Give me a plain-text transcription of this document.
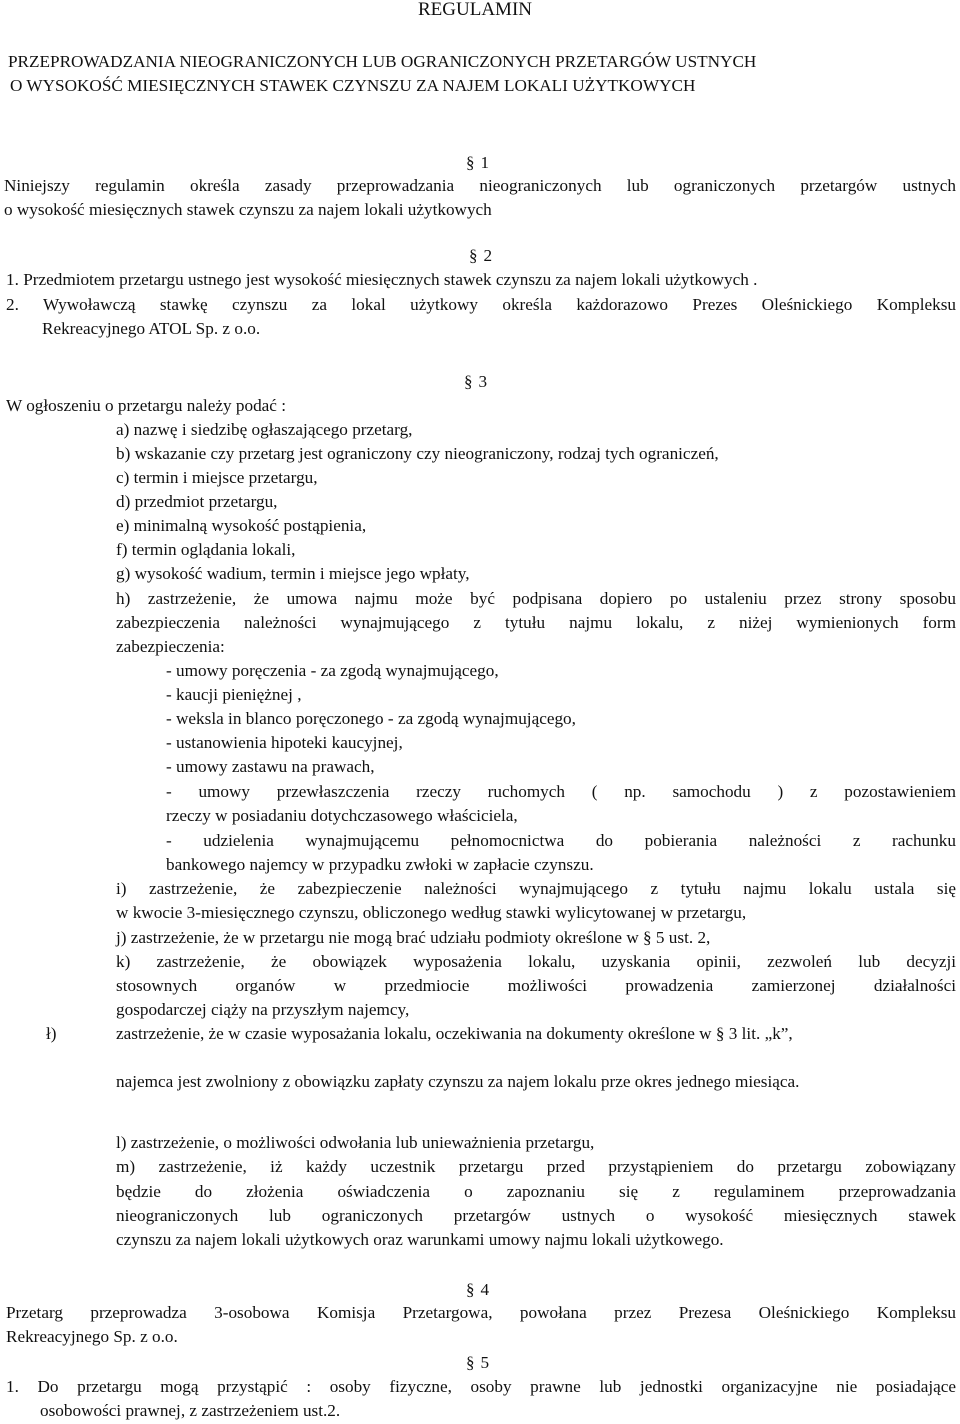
REGULAMIN
PRZEPROWADZANIA NIEOGRANICZONYCH LUB OGRANICZONYCH PRZETARGÓW USTNYCH
O WYSOKOŚĆ MIESIĘCZNYCH STAWEK CZYNSZU ZA NAJEM LOKALI UŻYTKOWYCH
§ 1
Niniejszy regulamin określa zasady przeprowadzania nieograniczonych lub ograniczonych przetargów ustnych
o wysokość miesięcznych stawek czynszu za najem lokali użytkowych
§ 2
1. Przedmiotem przetargu ustnego jest wysokość miesięcznych stawek czynszu za najem lokali użytkowych .
2. Wywoławczą stawkę czynszu za lokal użytkowy określa każdorazowo Prezes Oleśnickiego Kompleksu
Rekreacyjnego ATOL Sp. z o.o.
§ 3
W ogłoszeniu o przetargu należy podać :
a) nazwę i siedzibę ogłaszającego przetarg,
b) wskazanie czy przetarg jest ograniczony czy nieograniczony, rodzaj tych ograniczeń,
c) termin i miejsce przetargu,
d) przedmiot przetargu,
e) minimalną wysokość postąpienia,
f) termin oglądania lokali,
g) wysokość wadium, termin i miejsce jego wpłaty,
h) zastrzeżenie, że umowa najmu może być podpisana dopiero po ustaleniu przez strony sposobu
zabezpieczenia należności wynajmującego z tytułu najmu lokalu, z niżej wymienionych form
zabezpieczenia:
- umowy poręczenia - za zgodą wynajmującego,
- kaucji pieniężnej ,
- weksla in blanco poręczonego - za zgodą wynajmującego,
- ustanowienia hipoteki kaucyjnej,
- umowy zastawu na prawach,
- umowy przewłaszczenia rzeczy ruchomych ( np. samochodu ) z pozostawieniem
rzeczy w posiadaniu dotychczasowego właściciela,
- udzielenia wynajmującemu pełnomocnictwa do pobierania należności z rachunku
bankowego najemcy w przypadku zwłoki w zapłacie czynszu.
i) zastrzeżenie, że zabezpieczenie należności wynajmującego z tytułu najmu lokalu ustala się
w kwocie 3-miesięcznego czynszu, obliczonego według stawki wylicytowanej w przetargu,
j) zastrzeżenie, że w przetargu nie mogą brać udziału podmioty określone w § 5 ust. 2,
k) zastrzeżenie, że obowiązek wyposażenia lokalu, uzyskania opinii, zezwoleń lub decyzji
stosownych organów w przedmiocie możliwości prowadzenia zamierzonej działalności
gospodarczej ciąży na przyszłym najemcy,
ł)	zastrzeżenie, że w czasie wyposażania lokalu, oczekiwania na dokumenty określone w § 3 lit. „k”,
najemca jest zwolniony z obowiązku zapłaty czynszu za najem lokalu prze okres jednego miesiąca.
l) zastrzeżenie, o możliwości odwołania lub unieważnienia przetargu,
m) zastrzeżenie, iż każdy uczestnik przetargu przed przystąpieniem do przetargu zobowiązany
będzie do złożenia oświadczenia o zapoznaniu się z regulaminem przeprowadzania
nieograniczonych lub ograniczonych przetargów ustnych o wysokość miesięcznych stawek
czynszu za najem lokali użytkowych oraz warunkami umowy najmu lokali użytkowego.
§ 4
Przetarg przeprowadza 3-osobowa Komisja Przetargowa, powołana przez Prezesa Oleśnickiego Kompleksu
Rekreacyjnego Sp. z o.o.
§ 5
1. Do przetargu mogą przystąpić : osoby fizyczne, osoby prawne lub jednostki organizacyjne nie posiadające
osobowości prawnej, z zastrzeżeniem ust.2.
